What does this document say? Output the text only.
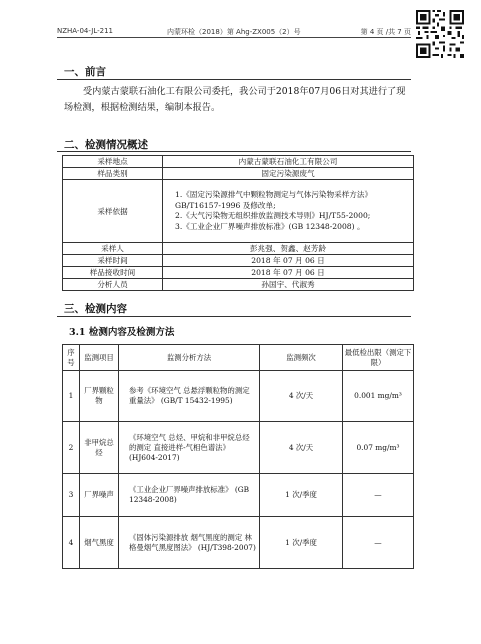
NZHA-04-JL-211	内蒙环检（2018）第 Ahg-ZX005（2）号	第 4 页 /共 7 页
一、前言
受内蒙古蒙联石油化工有限公司委托，我公司于2018年07月06日对其进行了现场检测，根据检测结果，编制本报告。
二、检测情况概述
采样地点	内蒙古蒙联石油化工有限公司
样品类别	固定污染源废气
采样依据	1.《固定污染源排气中颗粒物测定与气体污染物采样方法》GB/T16157-1996 及修改单;
2.《大气污染物无组织排放监测技术导则》HJ/T55-2000;
3.《工业企业厂界噪声排放标准》(GB 12348-2008) 。

采样人	彭兆强、贺鑫、赵芳龄
采样时间	2018 年 07 月 06 日
样品接收时间	2018 年 07 月 06 日
分析人员	孙国宇、代淑秀
三、检测内容
3.1 检测内容及检测方法
序号	监测项目	监测分析方法	监测频次	最低检出限（测定下限）
1	厂界颗粒物	参考《环境空气 总悬浮颗粒物的测定 重量法》 (GB/T 15432-1995)	4 次/天	0.001 mg/m³
2	非甲烷总烃	《环境空气 总烃、甲烷和非甲烷总烃的测定 直接进样-气相色谱法》 (HJ604-2017)	4 次/天	0.07 mg/m³
3	厂界噪声	《工业企业厂界噪声排放标准》 (GB 12348-2008)	1 次/季度	—
4	烟气黑度	《固体污染源排放 烟气黑度的测定 林格曼烟气黑度图法》 (HJ/T398-2007)	1 次/季度	—
